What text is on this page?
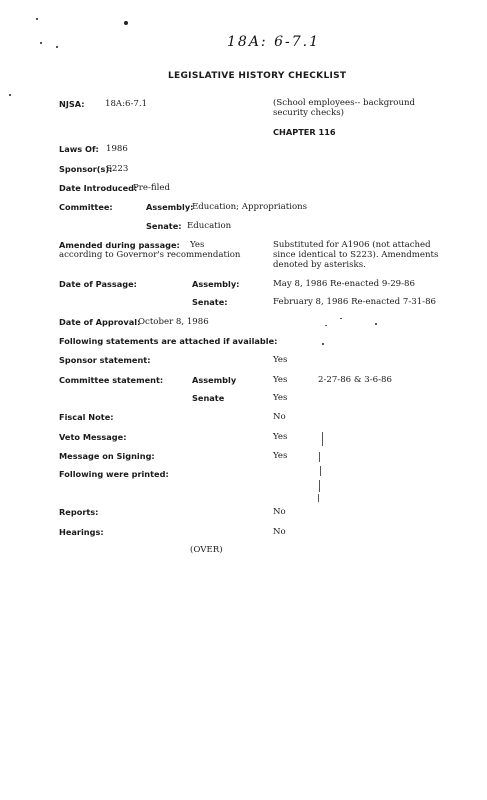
18A: 6-7.1
LEGISLATIVE HISTORY CHECKLIST
NJSA: 18A:6-7.1	(School employees-- background security checks)
CHAPTER 116
Laws Of: 1986
Sponsor(s):
S223
Date Introduced:
Pre-filed
Committee:	Assembly:
Education; Appropriations
Senate: Education
Amended during passage: Yes
according to Governor's recommendation
Substituted for A1906 (not attached since identical to S223). Amendments denoted by asterisks.
Date of Passage:	Assembly:	May 8, 1986 Re-enacted 9-29-86
Senate:	February 8, 1986 Re-enacted 7-31-86
Date of Approval:
October 8, 1986
Following statements are attached if available:
Sponsor statement:	Yes
Committee statement:	Assembly	Yes	2-27-86 & 3-6-86
Senate	Yes
Fiscal Note:	No
Veto Message:	Yes
Message on Signing:	Yes
Following were printed:
Reports:	No
Hearings:	No
(OVER)
